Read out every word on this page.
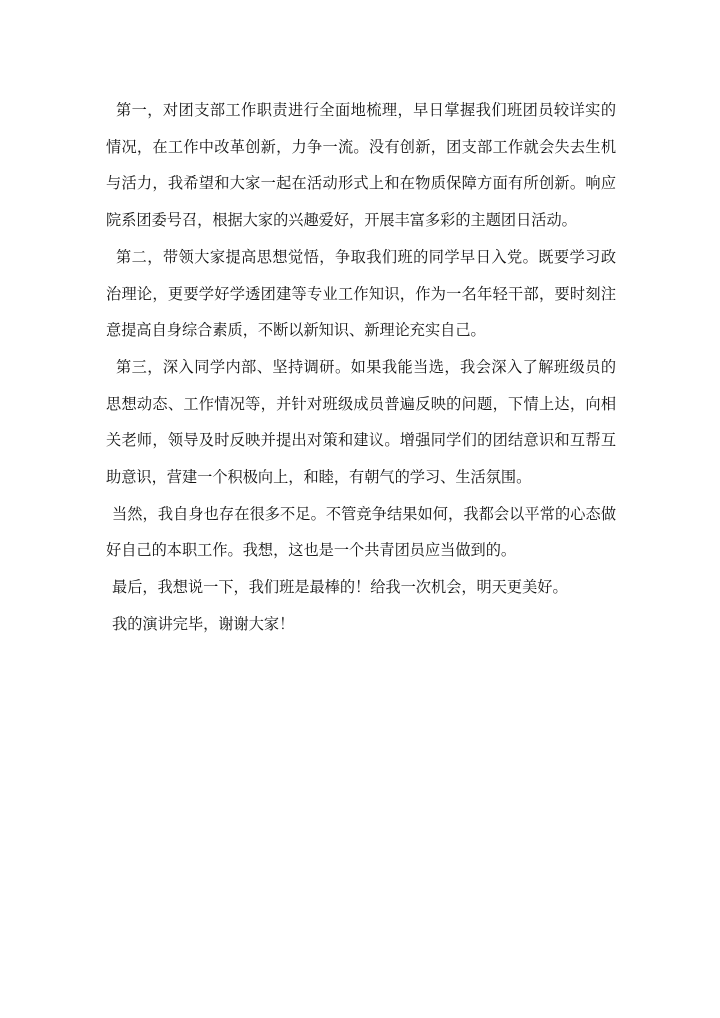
第一，对团支部工作职责进行全面地梳理，早日掌握我们班团员较详实的情况，在工作中改革创新，力争一流。没有创新，团支部工作就会失去生机与活力，我希望和大家一起在活动形式上和在物质保障方面有所创新。响应院系团委号召，根据大家的兴趣爱好，开展丰富多彩的主题团日活动。

第二，带领大家提高思想觉悟，争取我们班的同学早日入党。既要学习政治理论，更要学好学透团建等专业工作知识，作为一名年轻干部，要时刻注意提高自身综合素质，不断以新知识、新理论充实自己。

第三，深入同学内部、坚持调研。如果我能当选，我会深入了解班级员的思想动态、工作情况等，并针对班级成员普遍反映的问题，下情上达，向相关老师，领导及时反映并提出对策和建议。增强同学们的团结意识和互帮互助意识，营建一个积极向上，和睦，有朝气的学习、生活氛围。

当然，我自身也存在很多不足。不管竞争结果如何，我都会以平常的心态做好自己的本职工作。我想，这也是一个共青团员应当做到的。

最后，我想说一下，我们班是最棒的！给我一次机会，明天更美好。

我的演讲完毕，谢谢大家！
